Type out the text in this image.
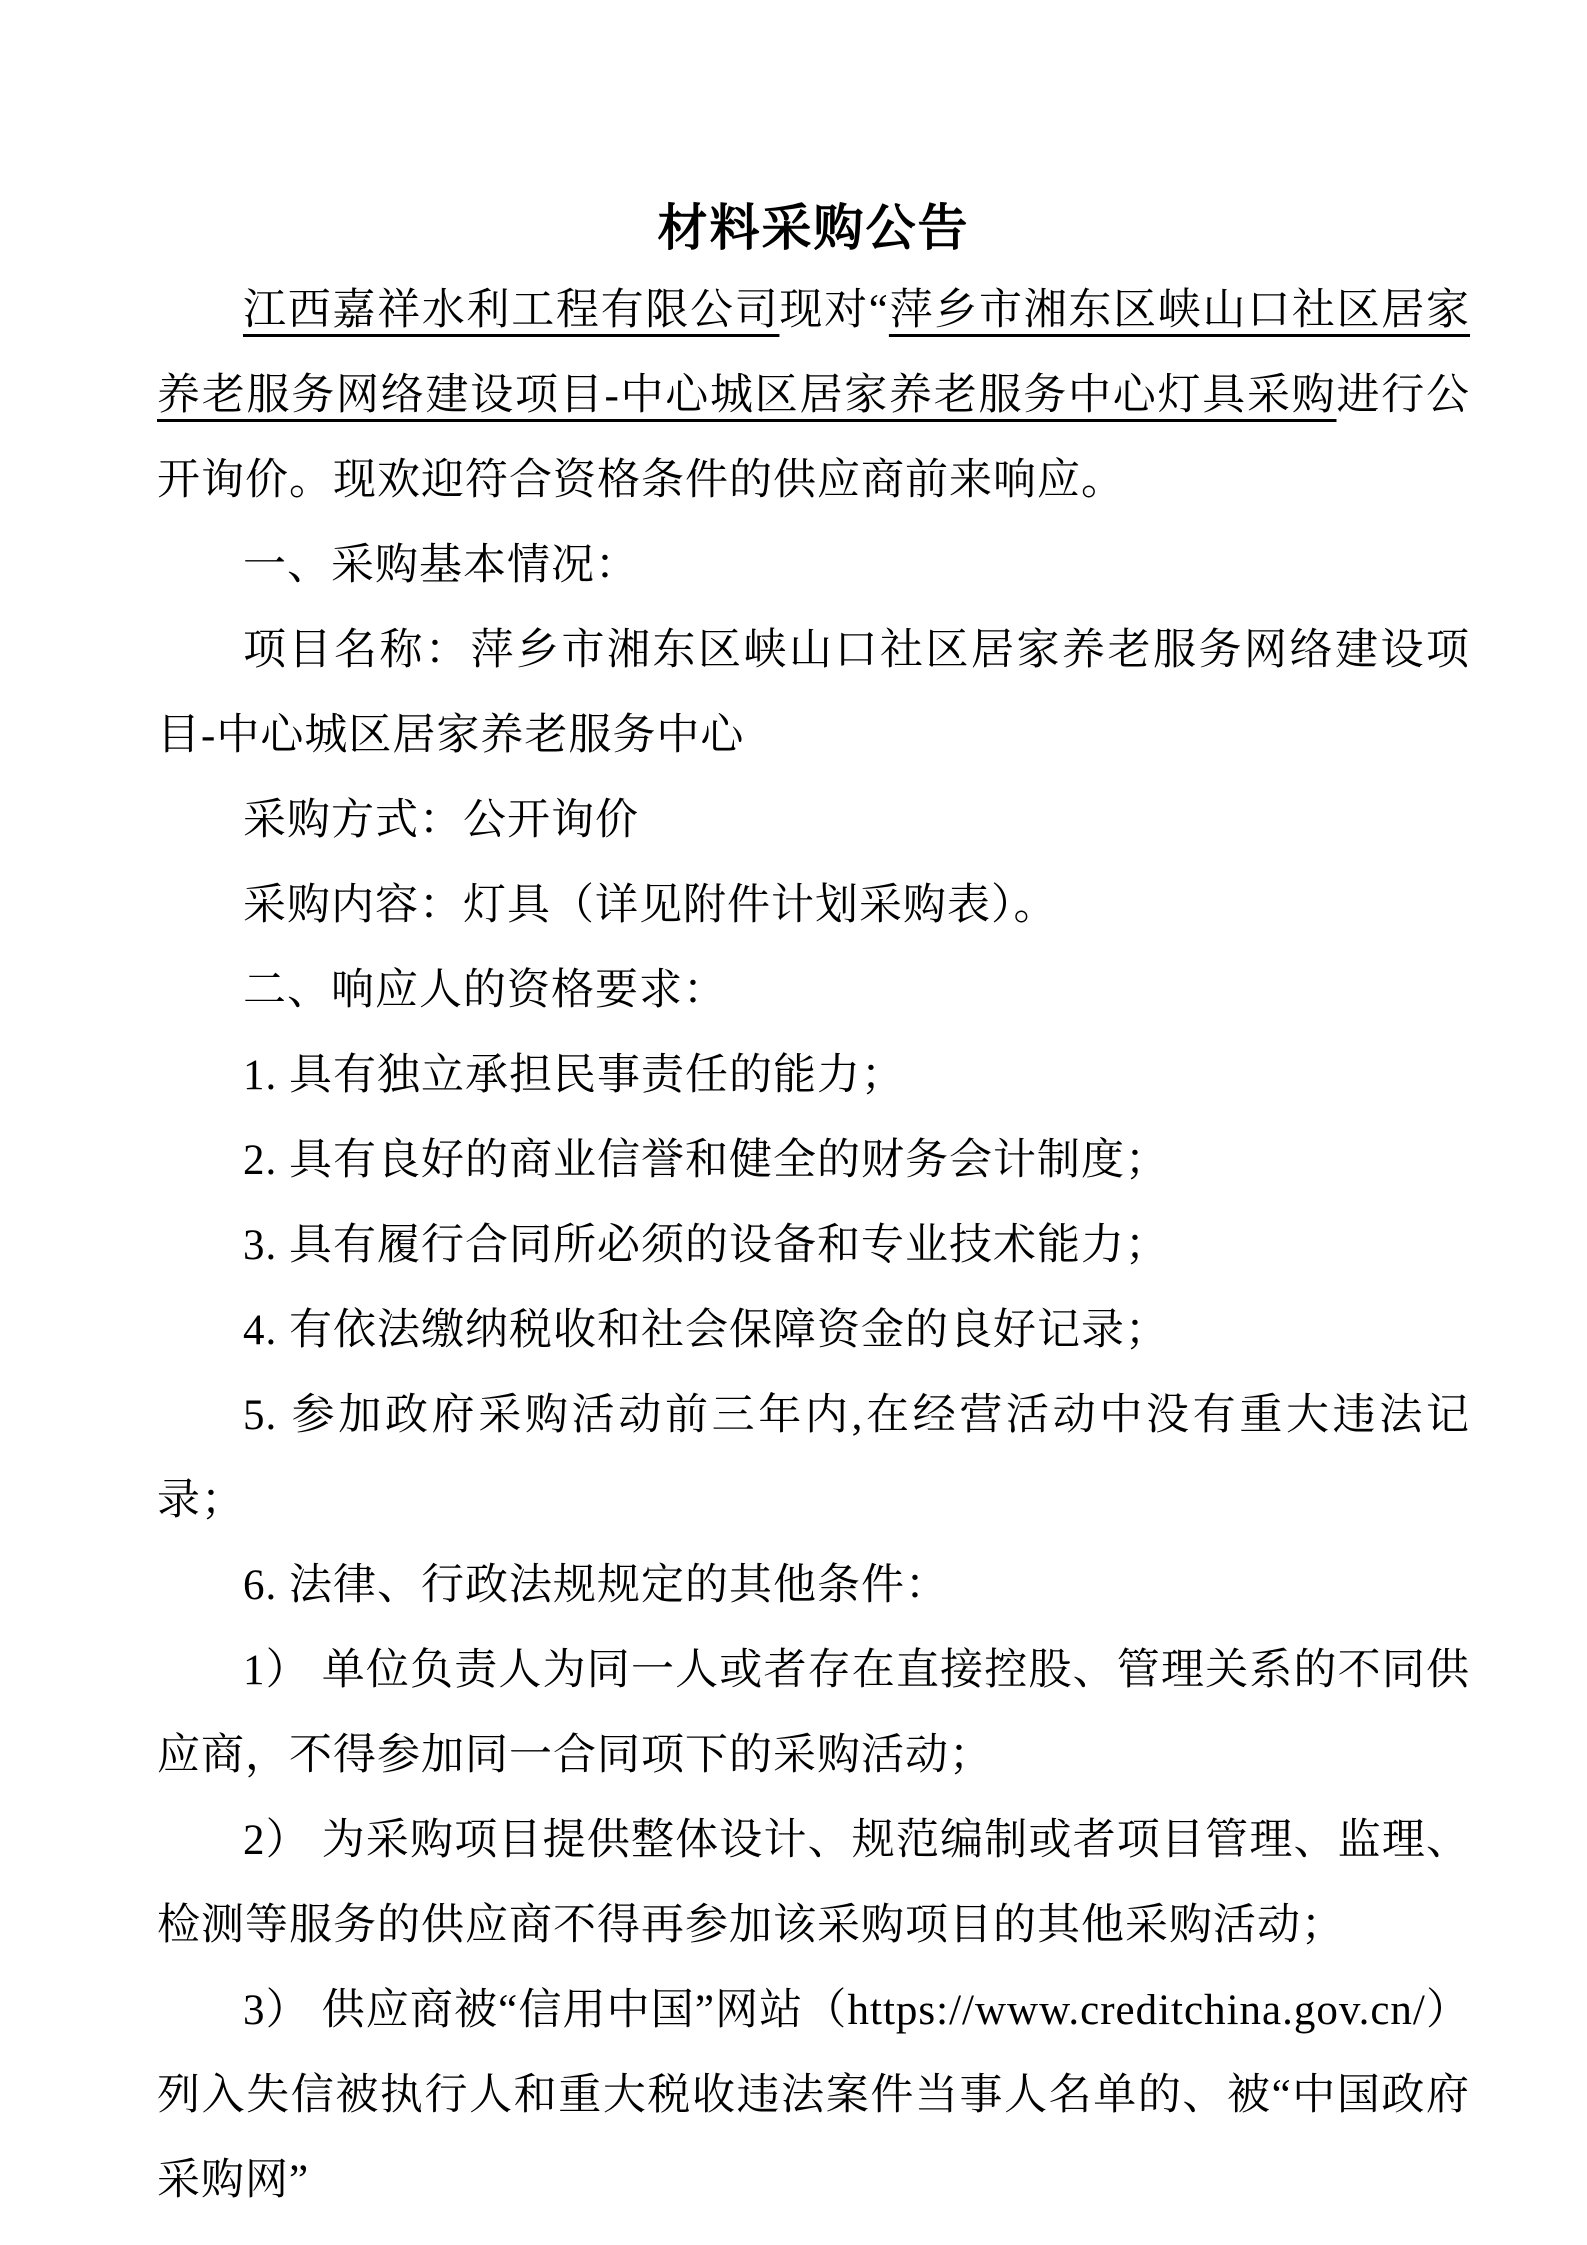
材料采购公告

江西嘉祥水利工程有限公司现对“萍乡市湘东区峡山口社区居家养老服务网络建设项目-中心城区居家养老服务中心灯具采购进行公开询价。现欢迎符合资格条件的供应商前来响应。

一、采购基本情况：

项目名称：萍乡市湘东区峡山口社区居家养老服务网络建设项目-中心城区居家养老服务中心

采购方式：公开询价

采购内容：灯具（详见附件计划采购表）。

二、响应人的资格要求：

1. 具有独立承担民事责任的能力；

2. 具有良好的商业信誉和健全的财务会计制度；

3. 具有履行合同所必须的设备和专业技术能力；

4. 有依法缴纳税收和社会保障资金的良好记录；

5. 参加政府采购活动前三年内,在经营活动中没有重大违法记录；

6. 法律、行政法规规定的其他条件：

1） 单位负责人为同一人或者存在直接控股、管理关系的不同供应商，不得参加同一合同项下的采购活动；

2） 为采购项目提供整体设计、规范编制或者项目管理、监理、检测等服务的供应商不得再参加该采购项目的其他采购活动；

3） 供应商被“信用中国”网站（https://www.creditchina.gov.cn/）列入失信被执行人和重大税收违法案件当事人名单的、被“中国政府采购网”
